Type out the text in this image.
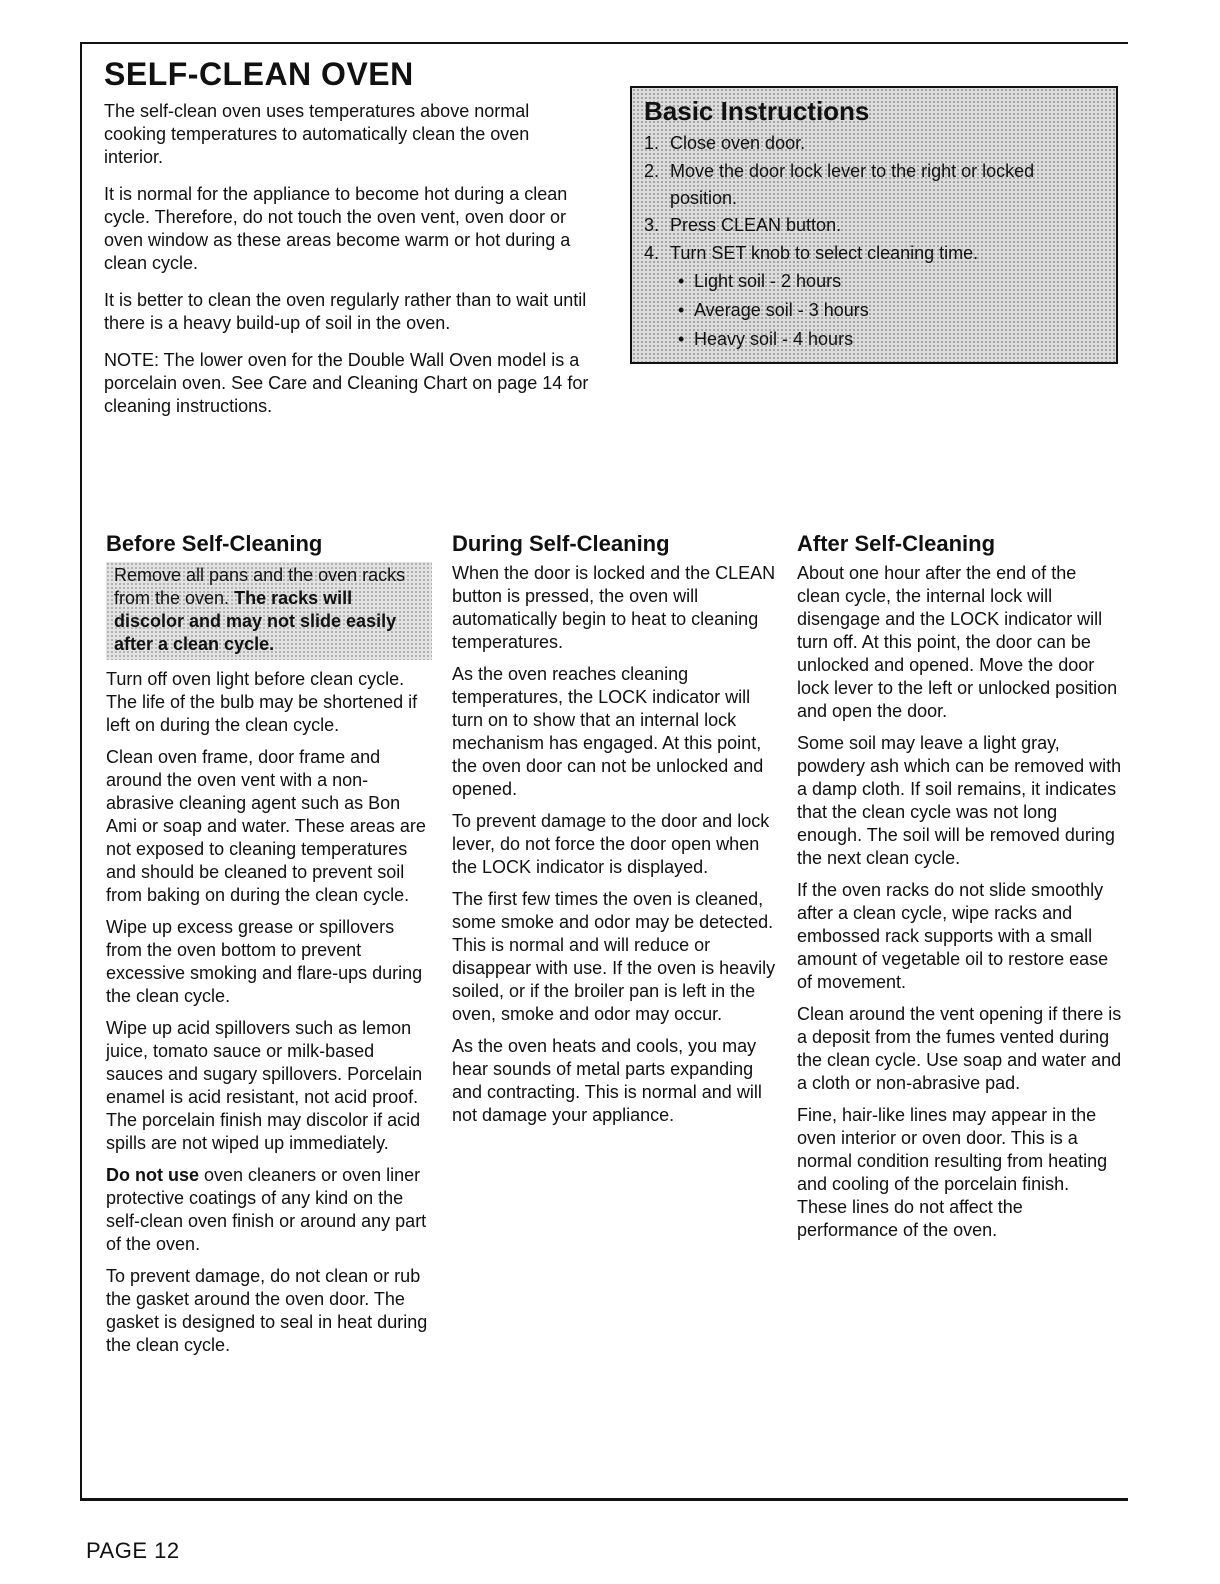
SELF-CLEAN OVEN

The self-clean oven uses temperatures above normal cooking temperatures to automatically clean the oven interior.

It is normal for the appliance to become hot during a clean cycle. Therefore, do not touch the oven vent, oven door or oven window as these areas become warm or hot during a clean cycle.

It is better to clean the oven regularly rather than to wait until there is a heavy build-up of soil in the oven.

NOTE: The lower oven for the Double Wall Oven model is a porcelain oven. See Care and Cleaning Chart on page 14 for cleaning instructions.

Basic Instructions
1. Close oven door.
2. Move the door lock lever to the right or locked
position.
3. Press CLEAN button.
4. Turn SET knob to select cleaning time.
• Light soil - 2 hours
• Average soil - 3 hours
• Heavy soil - 4 hours
Before Self-Cleaning
Remove all pans and the oven racks from the oven. The racks will discolor and may not slide easily after a clean cycle.

Turn off oven light before clean cycle. The life of the bulb may be shortened if left on during the clean cycle.

Clean oven frame, door frame and around the oven vent with a non-abrasive cleaning agent such as Bon Ami or soap and water. These areas are not exposed to cleaning temperatures and should be cleaned to prevent soil from baking on during the clean cycle.

Wipe up excess grease or spillovers from the oven bottom to prevent excessive smoking and flare-ups during the clean cycle.

Wipe up acid spillovers such as lemon juice, tomato sauce or milk-based sauces and sugary spillovers. Porcelain enamel is acid resistant, not acid proof. The porcelain finish may discolor if acid spills are not wiped up immediately.

Do not use oven cleaners or oven liner protective coatings of any kind on the self-clean oven finish or around any part of the oven.

To prevent damage, do not clean or rub the gasket around the oven door. The gasket is designed to seal in heat during the clean cycle.

During Self-Cleaning

When the door is locked and the CLEAN button is pressed, the oven will automatically begin to heat to cleaning temperatures.

As the oven reaches cleaning temperatures, the LOCK indicator will turn on to show that an internal lock mechanism has engaged. At this point, the oven door can not be unlocked and opened.

To prevent damage to the door and lock lever, do not force the door open when the LOCK indicator is displayed.

The first few times the oven is cleaned, some smoke and odor may be detected. This is normal and will reduce or disappear with use. If the oven is heavily soiled, or if the broiler pan is left in the oven, smoke and odor may occur.

As the oven heats and cools, you may hear sounds of metal parts expanding and contracting. This is normal and will not damage your appliance.

After Self-Cleaning

About one hour after the end of the clean cycle, the internal lock will disengage and the LOCK indicator will turn off. At this point, the door can be unlocked and opened. Move the door lock lever to the left or unlocked position and open the door.

Some soil may leave a light gray, powdery ash which can be removed with a damp cloth. If soil remains, it indicates that the clean cycle was not long enough. The soil will be removed during the next clean cycle.

If the oven racks do not slide smoothly after a clean cycle, wipe racks and embossed rack supports with a small amount of vegetable oil to restore ease of movement.

Clean around the vent opening if there is a deposit from the fumes vented during the clean cycle. Use soap and water and a cloth or non-abrasive pad.

Fine, hair-like lines may appear in the oven interior or oven door. This is a normal condition resulting from heating and cooling of the porcelain finish. These lines do not affect the performance of the oven.

PAGE 12
